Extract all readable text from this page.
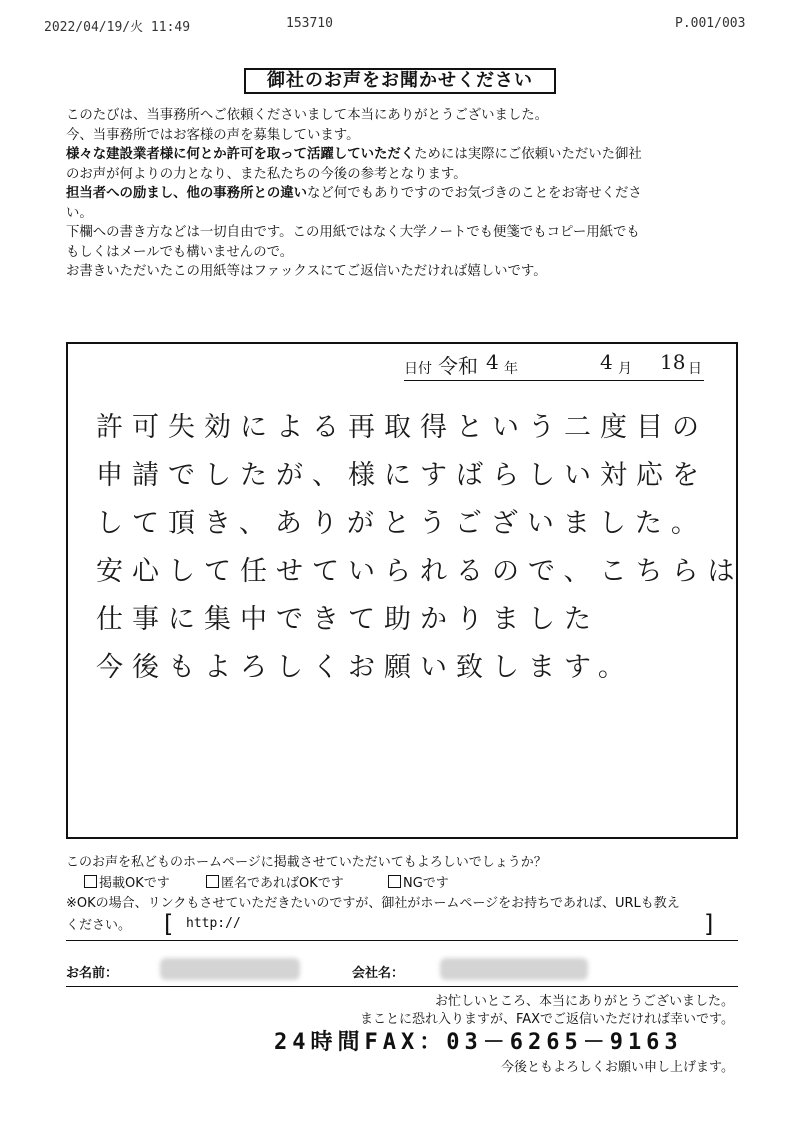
2022/04/19/火 11:49	153710	P.001/003
御社のお声をお聞かせください

このたびは、当事務所へご依頼くださいまして本当にありがとうございました。

今、当事務所ではお客様の声を募集しています。

様々な建設業者様に何とか許可を取って活躍していただくためには実際にご依頼いただいた御社

のお声が何よりの力となり、また私たちの今後の参考となります。

担当者への励まし、他の事務所との違いなど何でもありですのでお気づきのことをお寄せくださ

い。

下欄への書き方などは一切自由です。この用紙ではなく大学ノートでも便箋でもコピー用紙でも

もしくはメールでも構いませんので。

お書きいただいたこの用紙等はファックスにてご返信いただければ嬉しいです。

日付 令和 4 年	4 月 18 日
許可失効による再取得という二度目の
申請でしたが、様にすばらしい対応を
して頂き、ありがとうございました。
安心して任せていられるので、こちらは
仕事に集中できて助かりました
今後もよろしくお願い致します。
このお声を私どものホームページに掲載させていただいてもよろしいでしょうか？
掲載OKです	匿名であればOKです	NGです
※OKの場合、リンクもさせていただきたいのですが、御社がホームページをお持ちであれば、URLも教え
ください。	[ http://	]
お名前：	会社名：
お忙しいところ、本当にありがとうございました。
まことに恐れ入りますが、FAXでご返信いただければ幸いです。
24時間FAX：03－6265－9163
今後ともよろしくお願い申し上げます。
